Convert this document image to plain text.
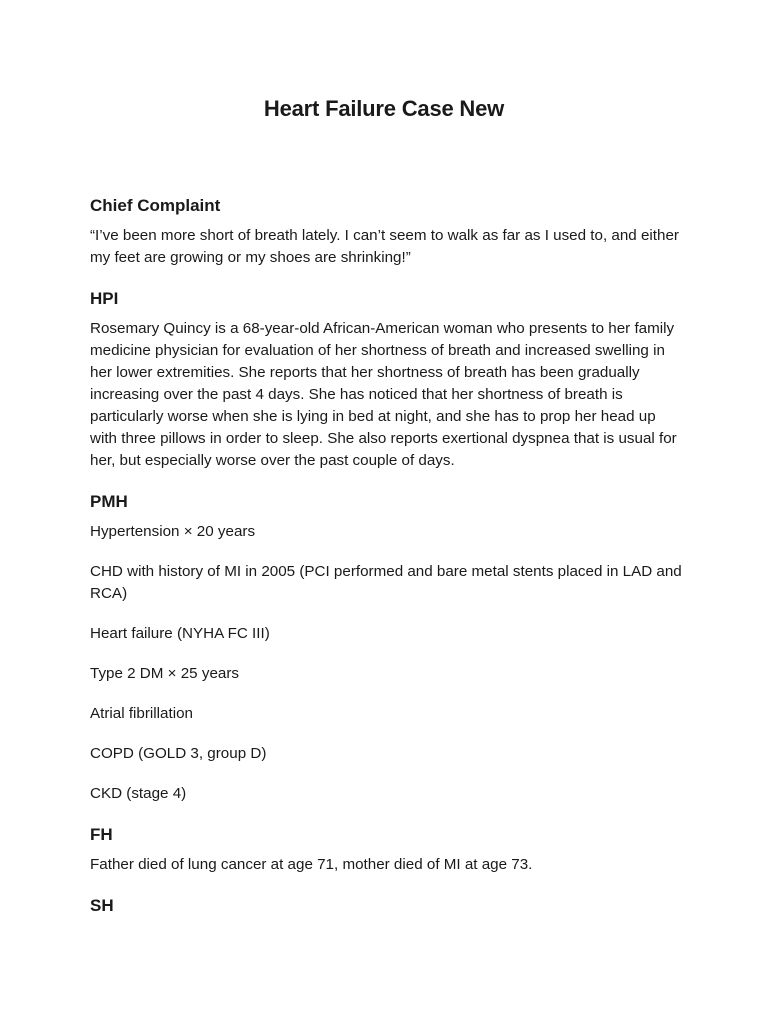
Heart Failure Case New
Chief Complaint

“I’ve been more short of breath lately. I can’t seem to walk as far as I used to, and either my feet are growing or my shoes are shrinking!”

HPI

Rosemary Quincy is a 68-year-old African-American woman who presents to her family medicine physician for evaluation of her shortness of breath and increased swelling in her lower extremities. She reports that her shortness of breath has been gradually increasing over the past 4 days. She has noticed that her shortness of breath is particularly worse when she is lying in bed at night, and she has to prop her head up with three pillows in order to sleep. She also reports exertional dyspnea that is usual for her, but especially worse over the past couple of days.

PMH

Hypertension × 20 years

CHD with history of MI in 2005 (PCI performed and bare metal stents placed in LAD and RCA)

Heart failure (NYHA FC III)

Type 2 DM × 25 years

Atrial fibrillation

COPD (GOLD 3, group D)

CKD (stage 4)

FH

Father died of lung cancer at age 71, mother died of MI at age 73.

SH
